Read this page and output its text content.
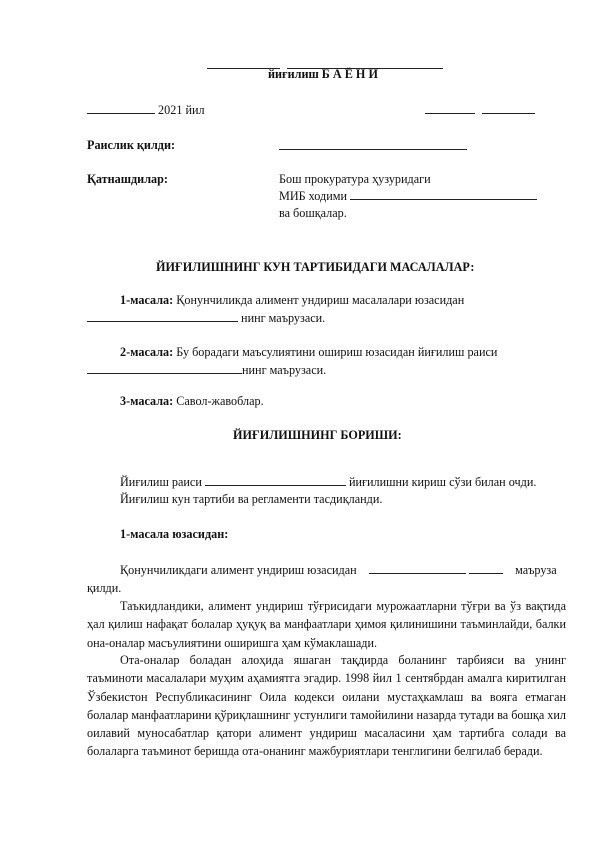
йиғилиш Б А Ё Н И
2021 йил

Раислик қилди:
Қатнашдилар:	Бош прокуратура ҳузуридаги
МИБ ходими
ва бошқалар.
ЙИҒИЛИШНИНГ КУН ТАРТИБИДАГИ МАСАЛАЛАР:
1-масала: Қонунчиликда алимент ундириш масалалари юзасидан
нинг маърузаси.
2-масала: Бу борадаги маъсулиятини ошириш юзасидан йиғилиш раиси
нинг маърузаси.
3-масала: Савол-жавоблар.
ЙИҒИЛИШНИНГ БОРИШИ:
Йиғилиш раиси	йиғилишни кириш сўзи билан очди.
Йиғилиш кун тартиби ва регламенти тасдиқланди.
1-масала юзасидан:
Қонунчиликдаги алимент ундириш юзасидан	маъруза
қилди.
Таъкидландики, алимент ундириш тўғрисидаги мурожаатларни тўғри ва ўз вақтида ҳал қилиш нафақат болалар ҳуқуқ ва манфаатлари ҳимоя қилинишини таъминлайди, балки она-оналар масъулиятини оширишга ҳам кўмаклашади.
Ота-оналар боладан алоҳида яшаган тақдирда боланинг тарбияси ва унинг таъминоти масалалари муҳим аҳамиятга эгадир. 1998 йил 1 сентябрдан амалга киритилган Ўзбекистон Республикасининг Оила кодекси оилани мустаҳкамлаш ва вояга етмаган болалар манфаатларини қўриқлашнинг устунлиги тамойилини назарда тутади ва бошқа хил оилавий муносабатлар қатори алимент ундириш масаласини ҳам тартибга солади ва болаларга таъминот беришда ота-онанинг мажбуриятлари тенглигини белгилаб беради.
